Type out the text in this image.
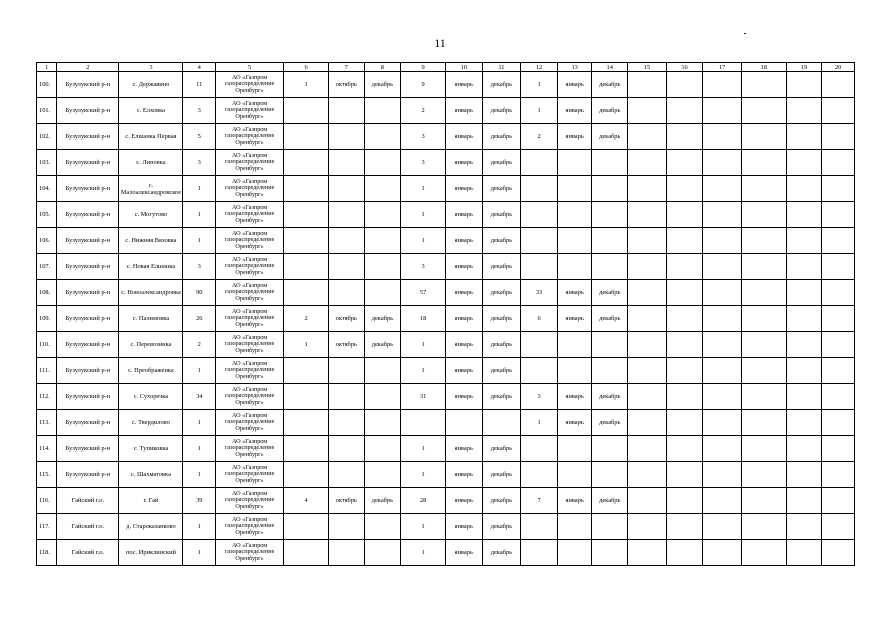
11
1	2	3	4	5	6	7	8	9	10	11	12	13	14	15	16	17	18	19	20
100.	Бузулукский р-н	с. Державино	11	АО «Газпром газораспределение Оренбург»	1	октябрь	декабрь	9	январь	декабрь	1	январь	декабрь						
101.	Бузулукский р-н	с. Елховка	3	АО «Газпром газораспределение Оренбург»				2	январь	декабрь	1	январь	декабрь						
102.	Бузулукский р-н	с. Елшанка Первая	5	АО «Газпром газораспределение Оренбург»				3	январь	декабрь	2	январь	декабрь						
103.	Бузулукский р-н	с. Липовка	3	АО «Газпром газораспределение Оренбург»				3	январь	декабрь									
104.	Бузулукский р-н	с. Малоалександровское	1	АО «Газпром газораспределение Оренбург»				1	январь	декабрь									
105.	Бузулукский р-н	с. Могутово	1	АО «Газпром газораспределение Оренбург»				1	январь	декабрь									
106.	Бузулукский р-н	с. Нижняя Вязовка	1	АО «Газпром газораспределение Оренбург»				1	январь	декабрь									
107.	Бузулукский р-н	с. Новая Елшанка	3	АО «Газпром газораспределение Оренбург»				3	январь	декабрь									
108.	Бузулукский р-н	с. Новоалександровка	90	АО «Газпром газораспределение Оренбург»				57	январь	декабрь	33	январь	декабрь						
109.	Бузулукский р-н	с. Палимовка	26	АО «Газпром газораспределение Оренбург»	2	октябрь	декабрь	18	январь	декабрь	6	январь	декабрь						
110.	Бузулукский р-н	с. Перевозинка	2	АО «Газпром газораспределение Оренбург»	1	октябрь	декабрь	1	январь	декабрь									
111.	Бузулукский р-н	с. Преображенка	1	АО «Газпром газораспределение Оренбург»				1	январь	декабрь									
112.	Бузулукский р-н	с. Сухоречка	34	АО «Газпром газораспределение Оренбург»				31	январь	декабрь	3	январь	декабрь						
113.	Бузулукский р-н	с. Твердилово	1	АО «Газпром газораспределение Оренбург»							1	январь	декабрь						
114.	Бузулукский р-н	с. Тупиковка	1	АО «Газпром газораспределение Оренбург»				1	январь	декабрь									
115.	Бузулукский р-н	с. Шахматовка	1	АО «Газпром газораспределение Оренбург»				1	январь	декабрь									
116.	Гайский г.о.	г. Гай	39	АО «Газпром газораспределение Оренбург»	4	октябрь	декабрь	28	январь	декабрь	7	январь	декабрь						
117.	Гайский г.о.	д. Староказанково	1	АО «Газпром газораспределение Оренбург»				1	январь	декабрь									
118.	Гайский г.о.	пос. Ириклинский	1	АО «Газпром газораспределение Оренбург»				1	январь	декабрь									
